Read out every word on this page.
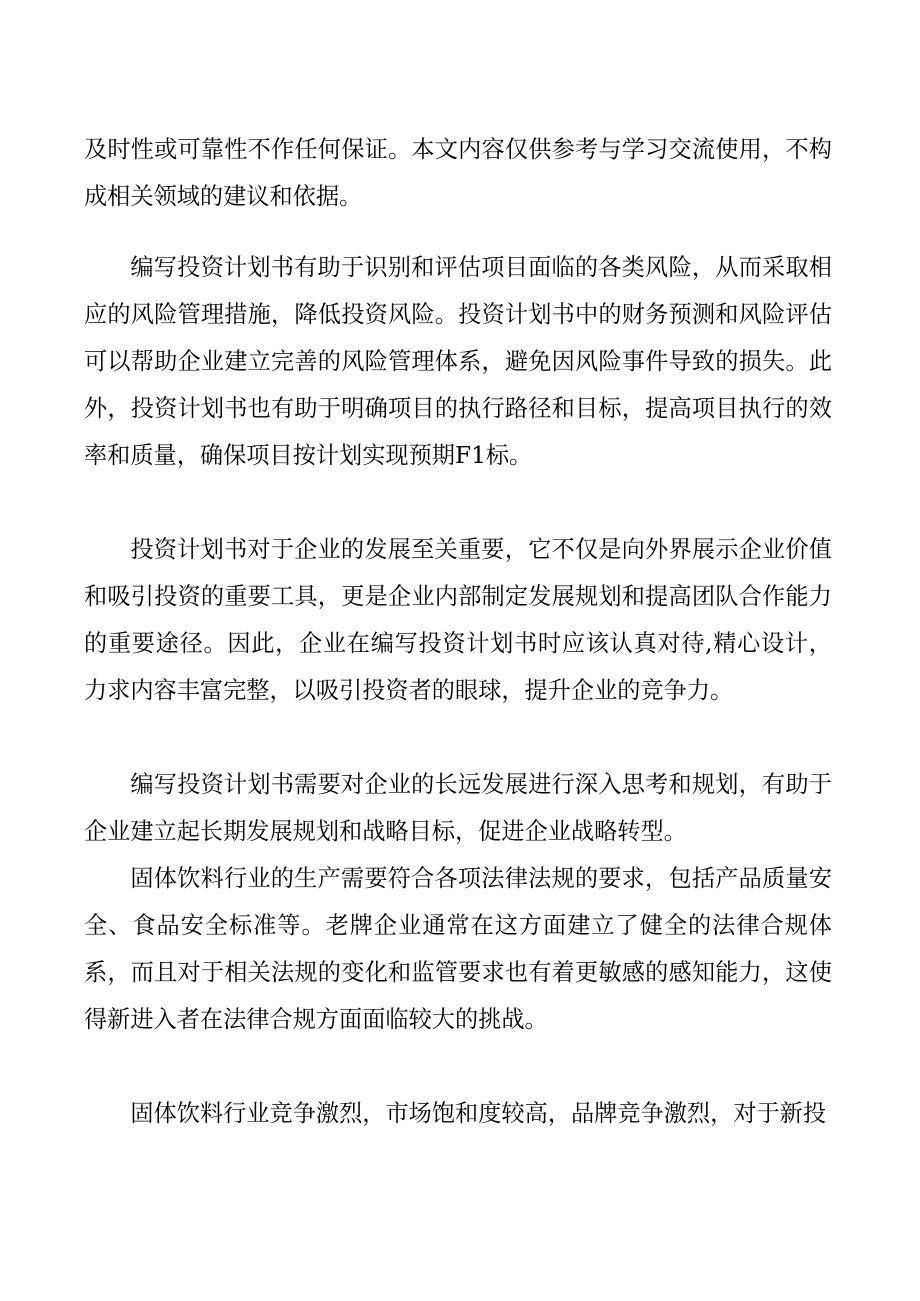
及时性或可靠性不作任何保证。本文内容仅供参考与学习交流使用，不构成相关领域的建议和依据。

编写投资计划书有助于识别和评估项目面临的各类风险，从而采取相应的风险管理措施，降低投资风险。投资计划书中的财务预测和风险评估可以帮助企业建立完善的风险管理体系，避免因风险事件导致的损失。此外，投资计划书也有助于明确项目的执行路径和目标，提高项目执行的效率和质量，确保项目按计划实现预期F1标。

投资计划书对于企业的发展至关重要，它不仅是向外界展示企业价值和吸引投资的重要工具，更是企业内部制定发展规划和提高团队合作能力的重要途径。因此，企业在编写投资计划书时应该认真对待,精心设计，力求内容丰富完整，以吸引投资者的眼球，提升企业的竞争力。

编写投资计划书需要对企业的长远发展进行深入思考和规划，有助于企业建立起长期发展规划和战略目标，促进企业战略转型。

固体饮料行业的生产需要符合各项法律法规的要求，包括产品质量安全、食品安全标准等。老牌企业通常在这方面建立了健全的法律合规体系，而且对于相关法规的变化和监管要求也有着更敏感的感知能力，这使得新进入者在法律合规方面面临较大的挑战。

固体饮料行业竞争激烈，市场饱和度较高，品牌竞争激烈，对于新投
